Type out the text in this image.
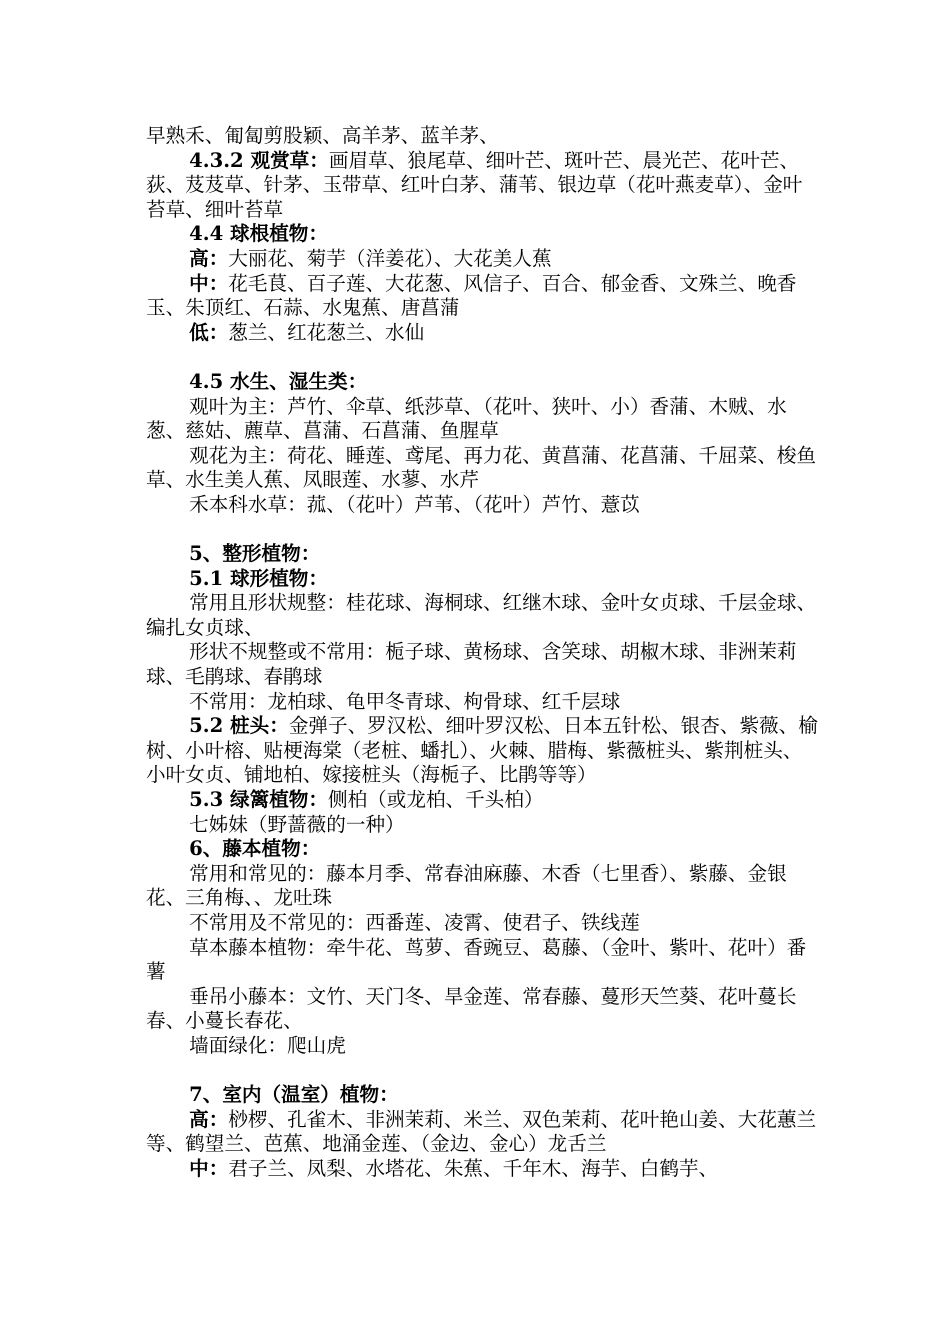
早熟禾、匍匐剪股颖、高羊茅、蓝羊茅、

4.3.2 观赏草：画眉草、狼尾草、细叶芒、斑叶芒、晨光芒、花叶芒、荻、芨芨草、针茅、玉带草、红叶白茅、蒲苇、银边草（花叶燕麦草）、金叶苔草、细叶苔草

4.4 球根植物：

高：大丽花、菊芋（洋姜花）、大花美人蕉

中：花毛茛、百子莲、大花葱、风信子、百合、郁金香、文殊兰、晚香玉、朱顶红、石蒜、水鬼蕉、唐菖蒲

低：葱兰、红花葱兰、水仙

4.5 水生、湿生类：

观叶为主：芦竹、伞草、纸莎草、（花叶、狭叶、小）香蒲、木贼、水葱、慈姑、藨草、菖蒲、石菖蒲、鱼腥草

观花为主：荷花、睡莲、鸢尾、再力花、黄菖蒲、花菖蒲、千屈菜、梭鱼草、水生美人蕉、凤眼莲、水蓼、水芹

禾本科水草：菰、（花叶）芦苇、（花叶）芦竹、薏苡

5、整形植物：

5.1 球形植物：

常用且形状规整：桂花球、海桐球、红继木球、金叶女贞球、千层金球、编扎女贞球、

形状不规整或不常用：栀子球、黄杨球、含笑球、胡椒木球、非洲茉莉球、毛鹃球、春鹃球

不常用：龙柏球、龟甲冬青球、枸骨球、红千层球

5.2 桩头：金弹子、罗汉松、细叶罗汉松、日本五针松、银杏、紫薇、榆树、小叶榕、贴梗海棠（老桩、蟠扎）、火棘、腊梅、紫薇桩头、紫荆桩头、小叶女贞、铺地柏、嫁接桩头（海栀子、比鹃等等）

5.3 绿篱植物：侧柏（或龙柏、千头柏）

七姊妹（野蔷薇的一种）

6、藤本植物：

常用和常见的：藤本月季、常春油麻藤、木香（七里香）、紫藤、金银花、三角梅、、龙吐珠

不常用及不常见的：西番莲、凌霄、使君子、铁线莲

草本藤本植物：牵牛花、茑萝、香豌豆、葛藤、（金叶、紫叶、花叶）番薯

垂吊小藤本：文竹、天门冬、旱金莲、常春藤、蔓形天竺葵、花叶蔓长春、小蔓长春花、

墙面绿化：爬山虎

7、室内（温室）植物：

高：桫椤、孔雀木、非洲茉莉、米兰、双色茉莉、花叶艳山姜、大花蕙兰等、鹤望兰、芭蕉、地涌金莲、（金边、金心）龙舌兰

中：君子兰、凤梨、水塔花、朱蕉、千年木、海芋、白鹤芋、
